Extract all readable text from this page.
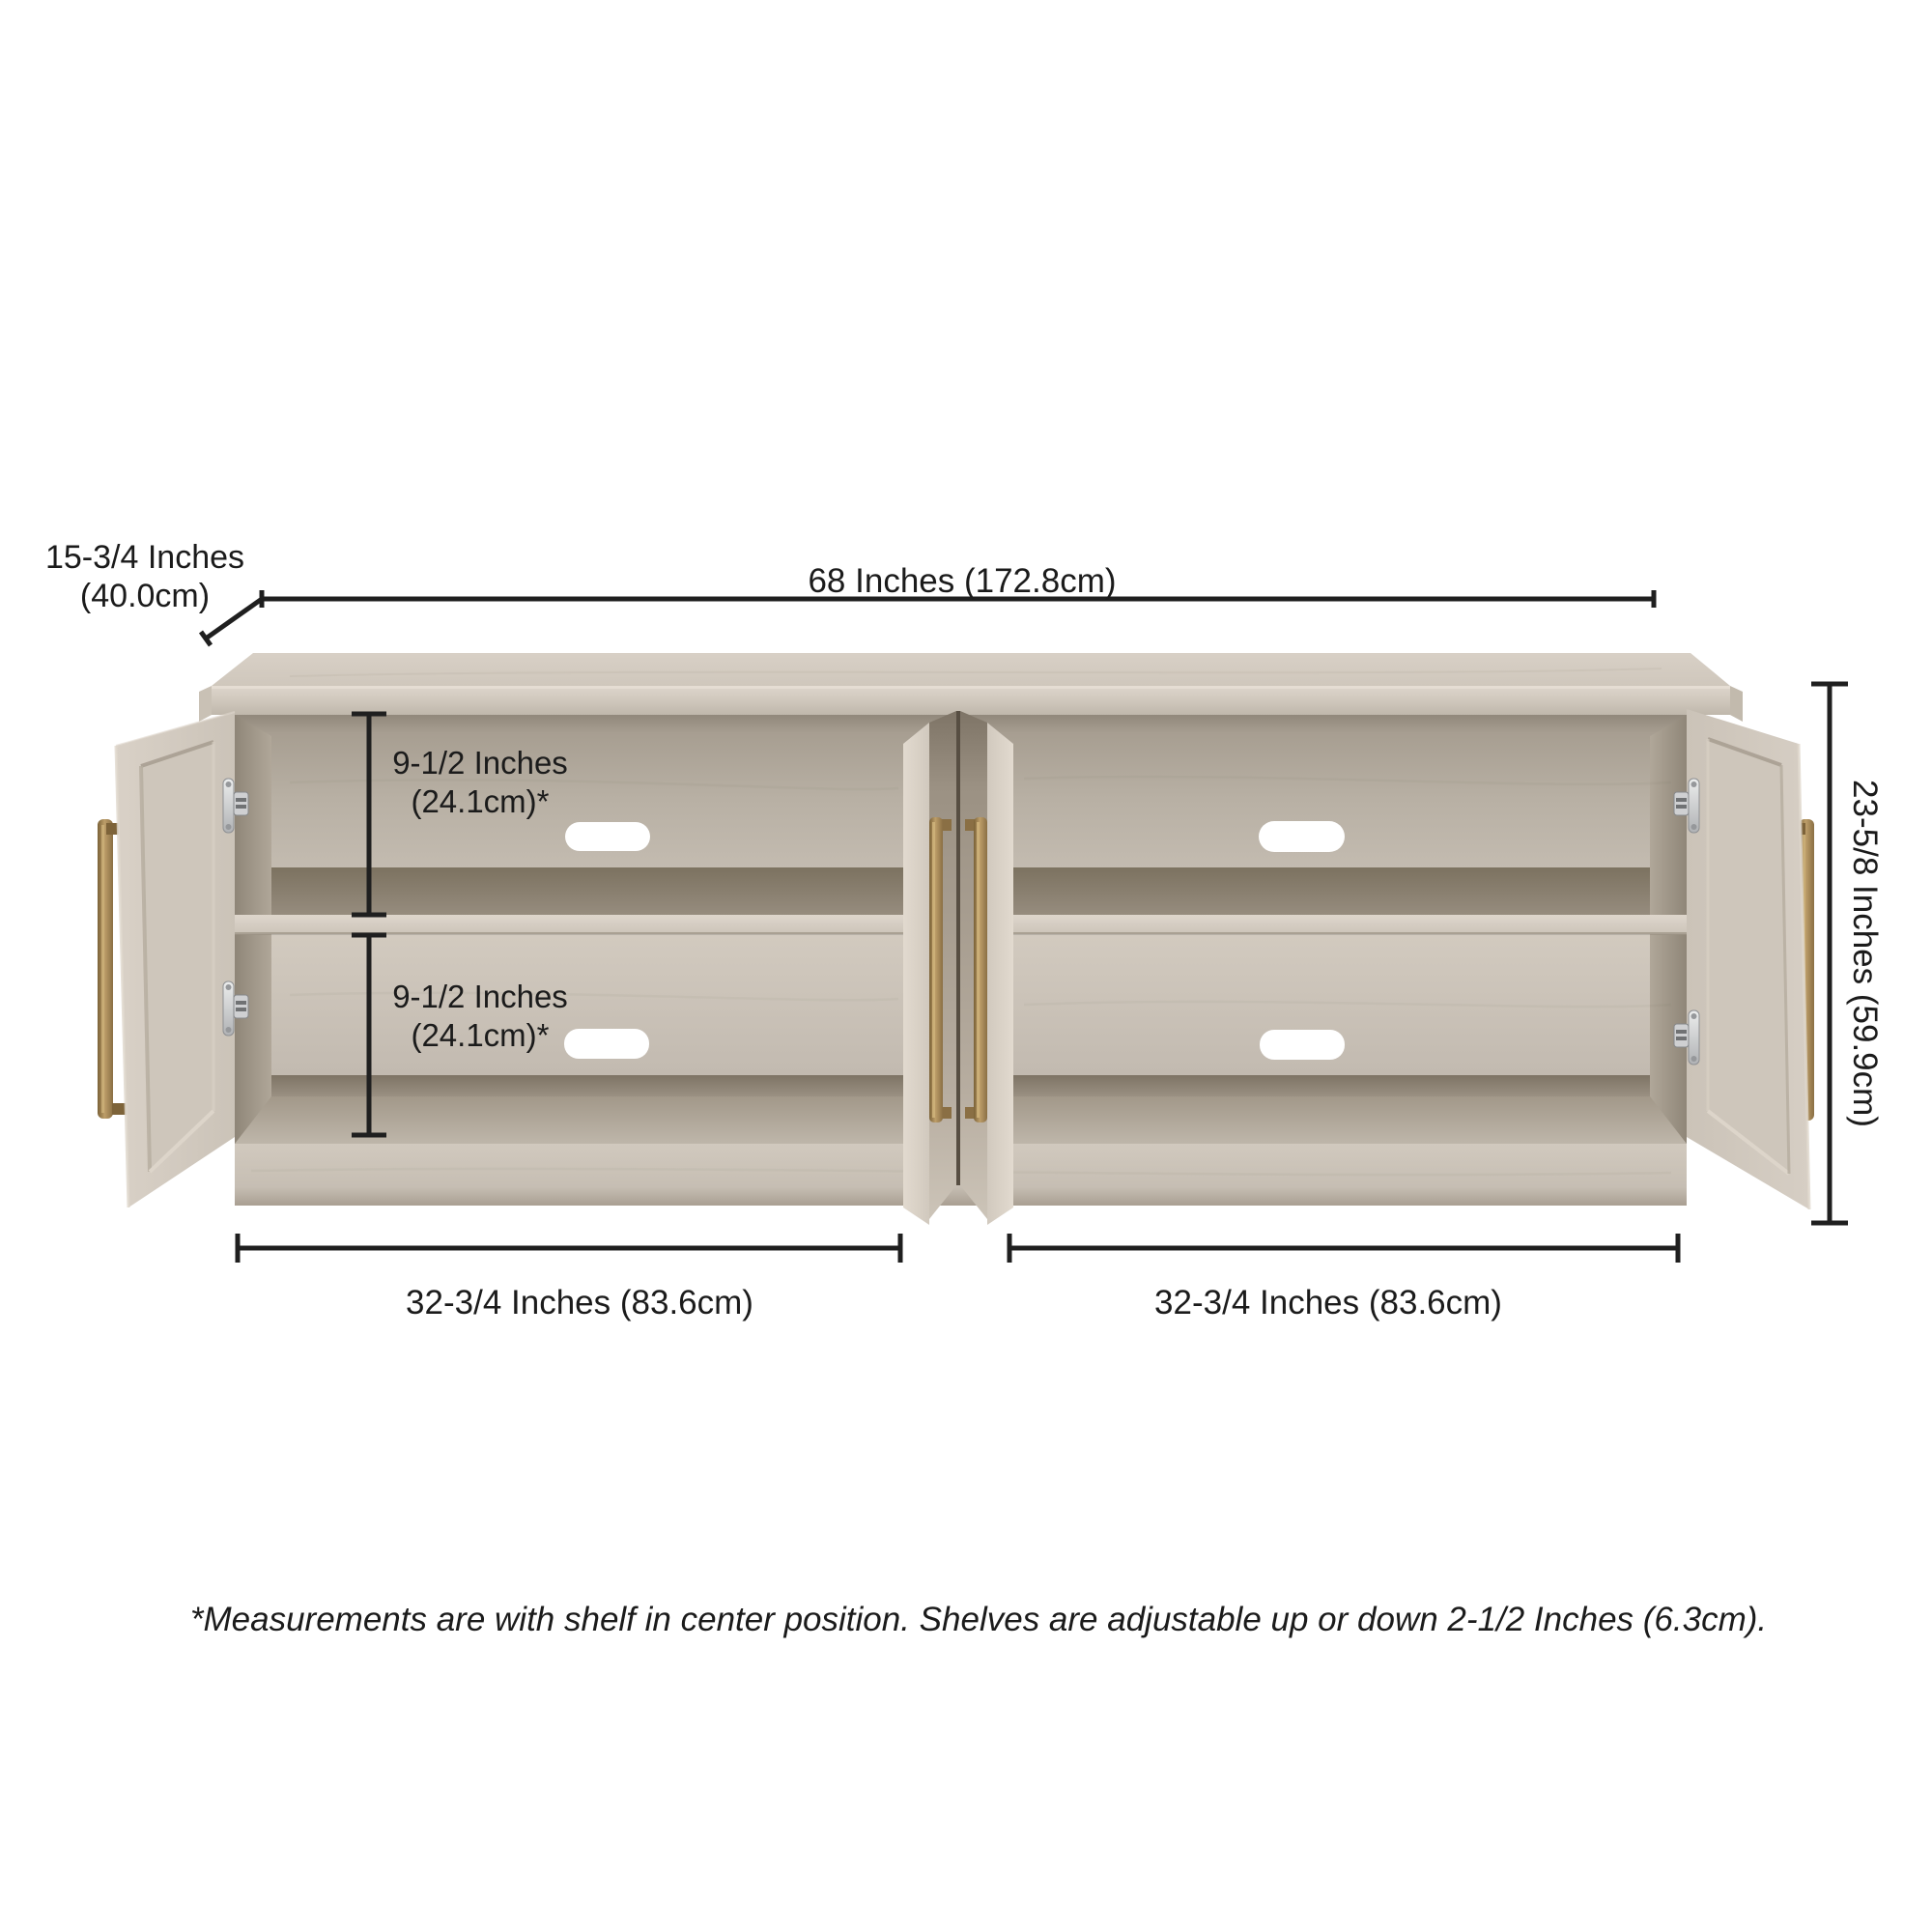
15-3/4 Inches
(40.0cm)	68 Inches (172.8cm)
9-1/2 Inches
(24.1cm)*
9-1/2 Inches
(24.1cm)*	23-5/8 Inches (59.9cm)
32-3/4 Inches (83.6cm)	32-3/4 Inches (83.6cm)
*Measurements are with shelf in center position. Shelves are adjustable up or down 2-1/2 Inches (6.3cm).
